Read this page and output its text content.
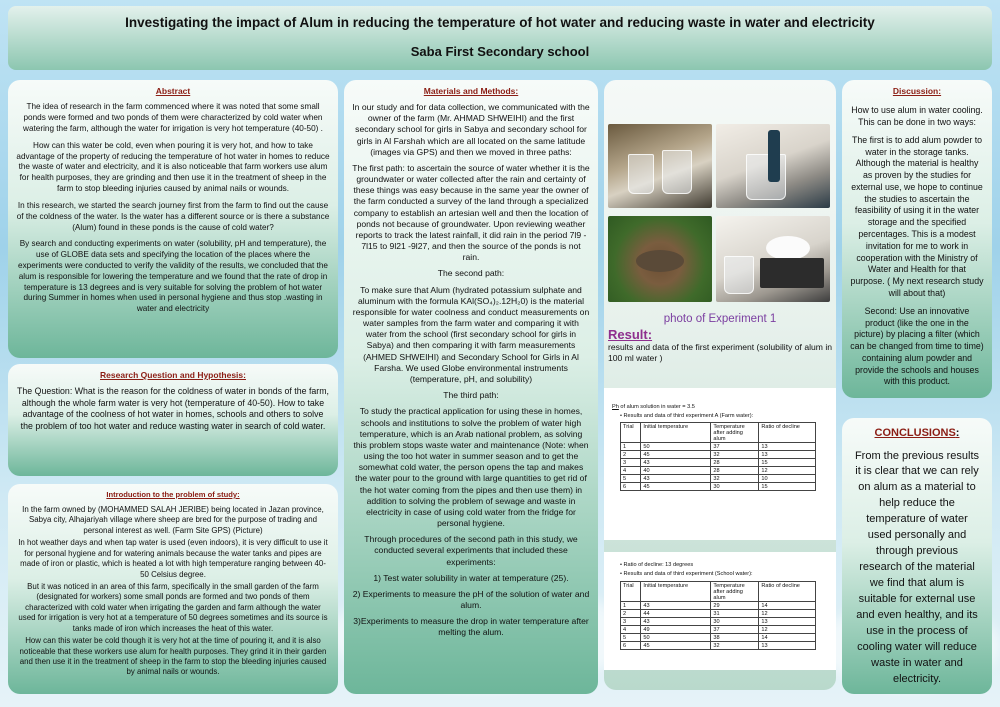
Investigating the impact of Alum in reducing the temperature of hot water and reducing waste in water and electricity
Saba First Secondary school
Abstract

The idea of research in the farm commenced where it was noted that some small ponds were formed and two ponds of them were characterized by cold water when watering the farm, although the water for irrigation is very hot temperature (40-50) .

How can this water be cold, even when pouring it is very hot, and how to take advantage of the property of reducing the temperature of hot water in homes to reduce the waste of water and electricity, and it is also noticeable that farm workers use alum for health purposes, they are grinding and then use it in the treatment of sheep in the farm to stop bleeding injuries caused by animal nails or wounds.

In this research, we started the search journey first from the farm to find out the cause of the coldness of the water. Is the water has a different source or is there a substance (Alum) found in these ponds is the cause of cold water?

By search and conducting experiments on water (solubility, pH and temperature), the use of GLOBE data sets and specifying the location of the places where the experiments were conducted to verify the validity of the results, we concluded that the alum is responsible for lowering the temperature and we found that the rate of drop in temperature is 13 degrees and is very suitable for solving the problem of hot water during Summer in homes when used in personal hygiene and thus stop .wasting in water and electricity

Research Question and Hypothesis:

The Question: What is the reason for the coldness of water in bonds of the farm, although the whole farm water is very hot (temperature of 40-50). How to take advantage of the coolness of hot water in homes, schools and others to solve the problem of too hot water and reduce wasting water in search of cold water.

Introduction to the problem of study:

In the farm owned by (MOHAMMED SALAH JERIBE) being located in Jazan province, Sabya city, Alhajariyah village where sheep are bred for the purpose of trading and personal interest as well. (Farm Site GPS) (Picture)

In hot weather days and when tap water is used (even indoors), it is very difficult to use it for personal hygiene and for watering animals because the water tanks and pipes are made of iron or plastic, which is heated a lot with high temperature ranging between 40-50 Celsius degree.

But it was noticed in an area of this farm, specifically in the small garden of the farm (designated for workers) some small ponds are formed and two ponds of them characterized with cold water when irrigating the garden and farm although the water used for irrigation is very hot at a temperature of 50 degrees sometimes and its source is tanks made of iron which increases the heat of this water.

How can this water be cold though it is very hot at the time of pouring it, and it is also noticeable that these workers use alum for health purposes. They grind it in their garden and then use it in the treatment of sheep in the farm to stop the bleeding injuries caused by animal nails or wounds.

Materials and Methods:

In our study and for data collection, we communicated with the owner of the farm (Mr. AHMAD SHWEIHI) and the first secondary school for girls in Sabya and secondary school for girls in Al Farshah which are all located on the same latitude (images via GPS) and then we moved in three paths:

The first path: to ascertain the source of water whether it is the groundwater or water collected after the rain and certainty of these things was easy because in the same year the owner of the farm conducted a survey of the land through a specialized company to establish an artesian well and then the location of ponds not because of groundwater. Upon reviewing weather reports to track the latest rainfall, it did rain in the period 7l9 - 7l15 to 9l21 -9l27, and then the source of the ponds is not rain.

The second path:

To make sure that Alum (hydrated potassium sulphate and aluminum with the formula KAl(SO₄)₂.12H₂0) is the material responsible for water coolness and conduct measurements on water samples from the farm water and comparing it with water from the school (first secondary school for girls in Sabya) and then comparing it with farm measurements (AHMED SHWEIHI) and Secondary School for Girls in Al Farsha. We used Globe environmental instruments (temperature, pH, and solubility)

The third path:

To study the practical application for using these in homes, schools and institutions to solve the problem of water high temperature, which is an Arab national problem, as solving this problem stops waste water and maintenance (Note: when using the too hot water in summer season and to get the somewhat cold water, the person opens the tap and makes the water pour to the ground with large quantities to get rid of the hot water coming from the pipes and then use them) in addition to solving the problem of sewage and waste in electricity in case of using cold water from the fridge for personal hygiene.

Through procedures of the second path in this study, we conducted several experiments that included these experiments:

1) Test water solubility in water at temperature (25).
2) Experiments to measure the pH of the solution of water and alum.
3)Experiments to measure the drop in water temperature after melting the alum.
photo of Experiment 1
Result:
results and data of the first experiment (solubility of alum in 100 ml water )
Ph of alum solution in water = 3.5
• Results and data of third experiment A (Farm water):
Trial	Initial temperature	Temperature after adding alum	Ratio of decline
1	50	37	13
2	45	32	13
3	43	28	15
4	40	28	12
5	43	32	10
6	45	30	15
• Ratio of decline: 13 degrees
• Results and data of third experiment (School water):
Trial	Initial temperature	Temperature after adding alum	Ratio of decline
1	43	29	14
2	44	31	12
3	43	30	13
4	49	37	12
5	50	38	14
6	45	32	13
Discussion:

How to use alum in water cooling. This can be done in two ways:

The first is to add alum powder to water in the storage tanks. Although the material is healthy as proven by the studies for external use, we hope to continue the studies to ascertain the feasibility of using it in the water storage and the specified percentages. This is a modest invitation for me to work in cooperation with the Ministry of Water and Health for that purpose. ( My next research study will about that)

Second: Use an innovative product (like the one in the picture) by placing a filter (which can be changed from time to time) containing alum powder and provide the schools and houses with this product.

CONCLUSIONS:

From the previous results it is clear that we can rely on alum as a material to help reduce the temperature of water used personally and through previous research of the material we find that alum is suitable for external use and even healthy, and its use in the process of cooling water will reduce waste in water and electricity.
